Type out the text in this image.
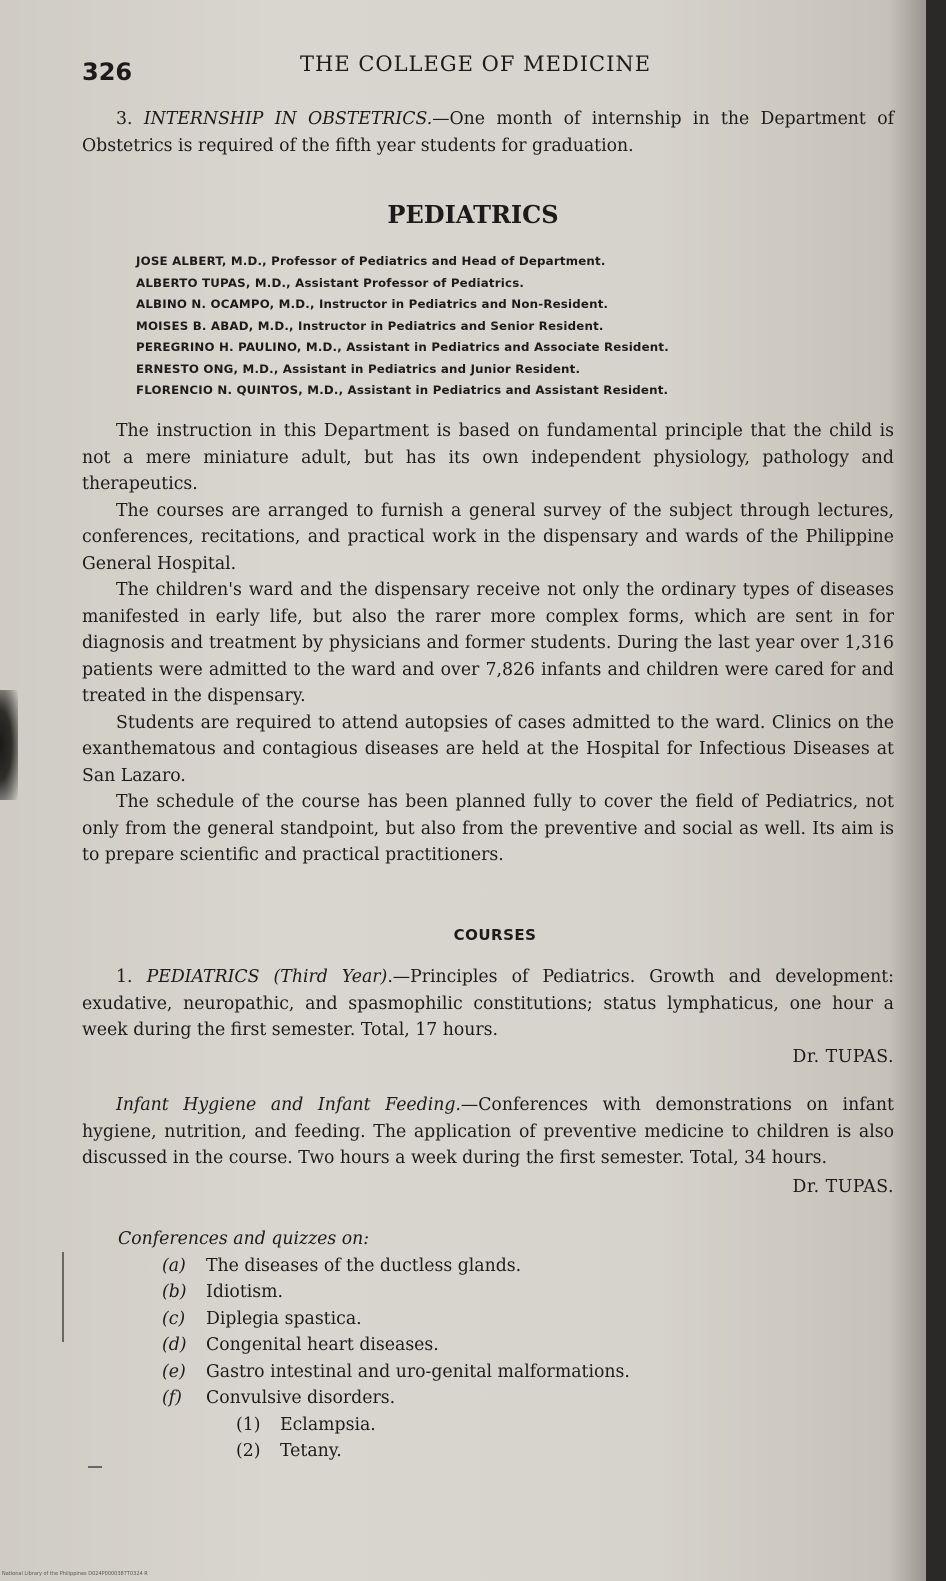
326	THE COLLEGE OF MEDICINE

3. INTERNSHIP IN OBSTETRICS.—One month of internship in the Department of Obstetrics is required of the fifth year students for graduation.

PEDIATRICS
JOSE ALBERT, M.D., Professor of Pediatrics and Head of Department.
ALBERTO TUPAS, M.D., Assistant Professor of Pediatrics.
ALBINO N. OCAMPO, M.D., Instructor in Pediatrics and Non-Resident.
MOISES B. ABAD, M.D., Instructor in Pediatrics and Senior Resident.
PEREGRINO H. PAULINO, M.D., Assistant in Pediatrics and Associate Resident.
ERNESTO ONG, M.D., Assistant in Pediatrics and Junior Resident.
FLORENCIO N. QUINTOS, M.D., Assistant in Pediatrics and Assistant Resident.

The instruction in this Department is based on fundamental principle that the child is not a mere miniature adult, but has its own independent physiology, pathology and therapeutics.

The courses are arranged to furnish a general survey of the subject through lectures, conferences, recitations, and practical work in the dispensary and wards of the Philippine General Hospital.

The children's ward and the dispensary receive not only the ordinary types of diseases manifested in early life, but also the rarer more complex forms, which are sent in for diagnosis and treatment by physicians and former students. During the last year over 1,316 patients were admitted to the ward and over 7,826 infants and children were cared for and treated in the dispensary.

Students are required to attend autopsies of cases admitted to the ward. Clinics on the exanthematous and contagious diseases are held at the Hospital for Infectious Diseases at San Lazaro.

The schedule of the course has been planned fully to cover the field of Pediatrics, not only from the general standpoint, but also from the preventive and social as well. Its aim is to prepare scientific and practical practitioners.

COURSES

1. PEDIATRICS (Third Year).—Principles of Pediatrics. Growth and development: exudative, neuropathic, and spasmophilic constitutions; status lymphaticus, one hour a week during the first semester. Total, 17 hours.

Dr. TUPAS.

Infant Hygiene and Infant Feeding.—Conferences with demonstrations on infant hygiene, nutrition, and feeding. The application of preventive medicine to children is also discussed in the course. Two hours a week during the first semester. Total, 34 hours.

Dr. TUPAS.

Conferences and quizzes on:
(a) The diseases of the ductless glands.
(b) Idiotism.
(c) Diplegia spastica.
(d) Congenital heart diseases.
(e) Gastro intestinal and uro-genital malformations.
(f) Convulsive disorders.
(1) Eclampsia.
(2) Tetany.
National Library of the Philippines D024P0000387T0324 R
